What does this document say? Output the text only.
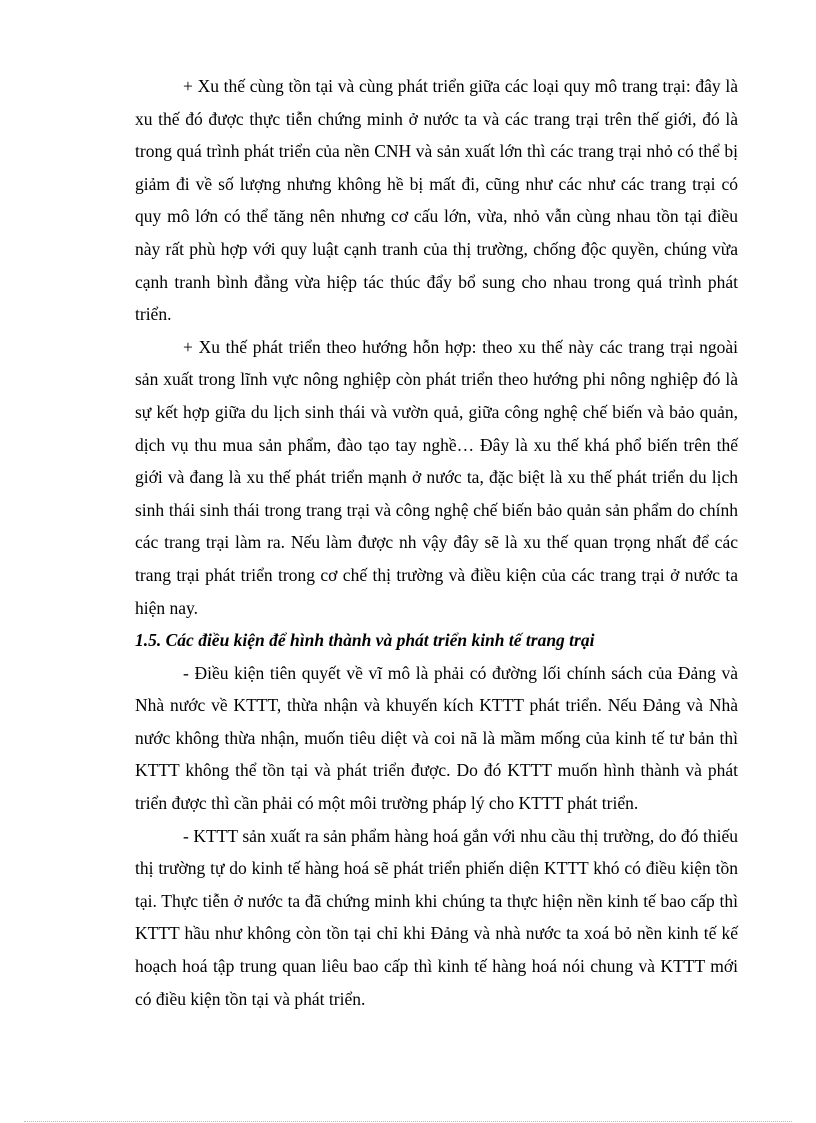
+ Xu thế cùng tồn tại và cùng phát triển giữa các loại quy mô trang trại: đây là xu thế đó được thực tiễn chứng minh ở nước ta và các trang trại trên thế giới, đó là trong quá trình phát triển của nền CNH và sản xuất lớn thì các trang trại nhỏ có thể bị giảm đi về số lượng nhưng không hề bị mất đi, cũng như các như các trang trại có quy mô lớn có thể tăng nên nhưng cơ cấu lớn, vừa, nhỏ vẫn cùng nhau tồn tại điều này rất phù hợp với quy luật cạnh tranh của thị trường, chống độc quyền, chúng vừa cạnh tranh bình đẳng vừa hiệp tác thúc đẩy bổ sung cho nhau trong quá trình phát triển.

+ Xu thế phát triển theo hướng hỗn hợp: theo xu thế này các trang trại ngoài sản xuất trong lĩnh vực nông nghiệp còn phát triển theo hướng phi nông nghiệp đó là sự kết hợp giữa du lịch sinh thái và vườn quả, giữa công nghệ chế biến và bảo quản, dịch vụ thu mua sản phẩm, đào tạo tay nghề… Đây là xu thế khá phổ biến trên thế giới và đang là xu thế phát triển mạnh ở nước ta, đặc biệt là xu thế phát triển du lịch sinh thái sinh thái trong trang trại và công nghệ chế biến bảo quản sản phẩm do chính các trang trại làm ra. Nếu làm được nh vậy đây sẽ là xu thế quan trọng nhất để các trang trại phát triển trong cơ chế thị trường và điều kiện của các trang trại ở nước ta hiện nay.

1.5. Các điều kiện để hình thành và phát triển kinh tế trang trại

- Điều kiện tiên quyết về vĩ mô là phải có đường lối chính sách của Đảng và Nhà nước về KTTT, thừa nhận và khuyến kích KTTT phát triển. Nếu Đảng và Nhà nước không thừa nhận, muốn tiêu diệt và coi nã là mầm mống của kinh tế tư bản thì KTTT không thể tồn tại và phát triển được. Do đó KTTT muốn hình thành và phát triển được thì cần phải có một môi trường pháp lý cho KTTT phát triển.

- KTTT sản xuất ra sản phẩm hàng hoá gắn với nhu cầu thị trường, do đó thiếu thị trường tự do kinh tế hàng hoá sẽ phát triển phiến diện KTTT khó có điều kiện tồn tại. Thực tiễn ở nước ta đã chứng minh khi chúng ta thực hiện nền kinh tế bao cấp thì KTTT hầu như không còn tồn tại chỉ khi Đảng và nhà nước ta xoá bỏ nền kinh tế kế hoạch hoá tập trung quan liêu bao cấp thì kinh tế hàng hoá nói chung và KTTT mới có điều kiện tồn tại và phát triển.
